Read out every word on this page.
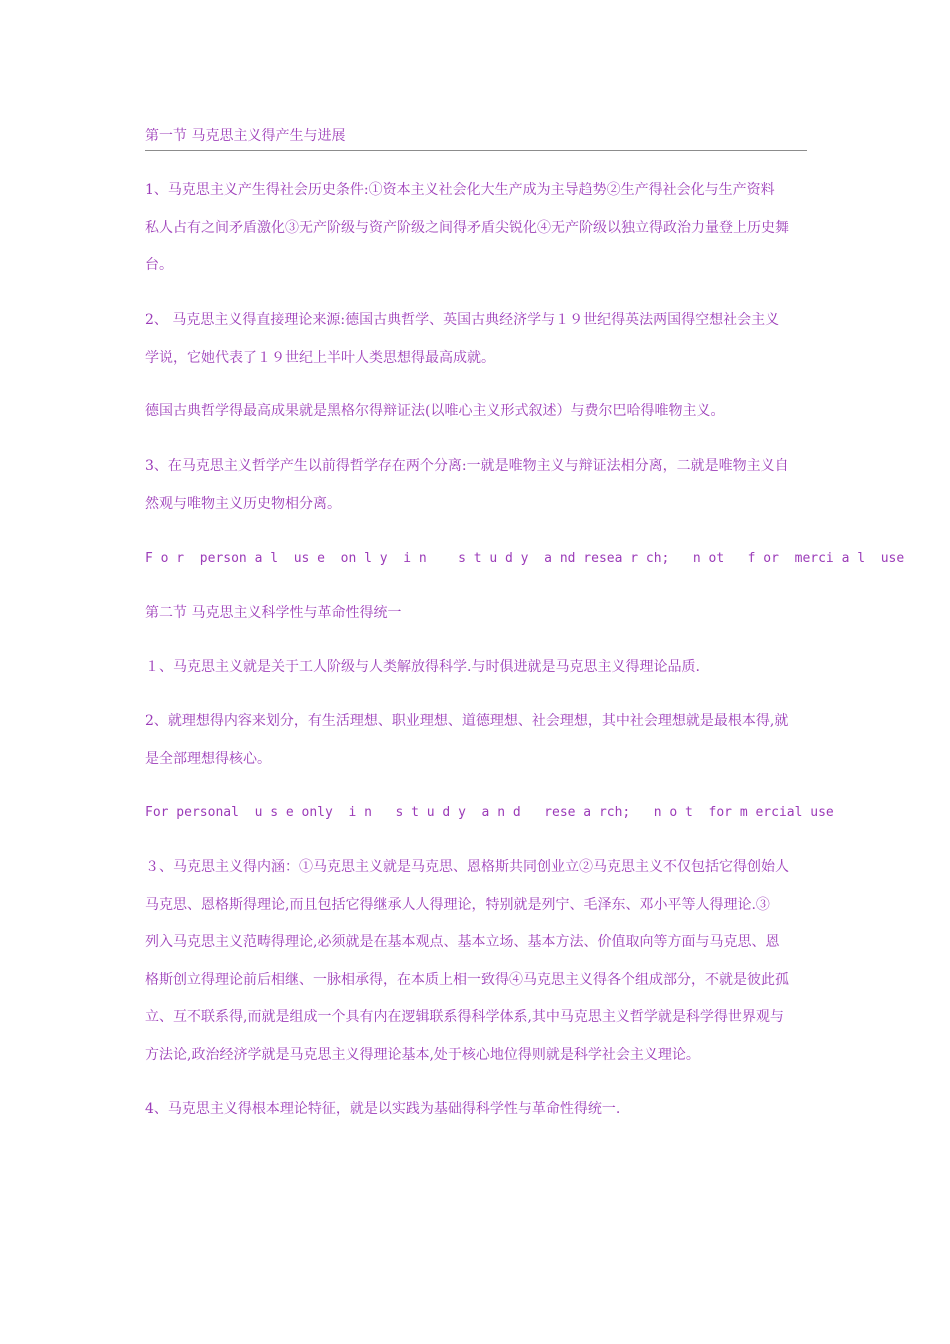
第一节 马克思主义得产生与进展

1、马克思主义产生得社会历史条件:①资本主义社会化大生产成为主导趋势②生产得社会化与生产资料
私人占有之间矛盾激化③无产阶级与资产阶级之间得矛盾尖锐化④无产阶级以独立得政治力量登上历史舞
台。

2、 马克思主义得直接理论来源:德国古典哲学、英国古典经济学与１９世纪得英法两国得空想社会主义
学说，它她代表了１９世纪上半叶人类思想得最高成就。

德国古典哲学得最高成果就是黑格尔得辩证法(以唯心主义形式叙述）与费尔巴哈得唯物主义。

3、在马克思主义哲学产生以前得哲学存在两个分离:一就是唯物主义与辩证法相分离，二就是唯物主义自
然观与唯物主义历史物相分离。

F o r  person a l  us e  on l y  i n    s t u d y  a nd resea r ch;   n ot   f or  merci a l  use

第二节 马克思主义科学性与革命性得统一

１、马克思主义就是关于工人阶级与人类解放得科学.与时俱进就是马克思主义得理论品质.

2、就理想得内容来划分，有生活理想、职业理想、道德理想、社会理想，其中社会理想就是最根本得,就
是全部理想得核心。

For personal  u s e only  i n   s t u d y  a n d   rese a rch;   n o t  for m ercial use

３、马克思主义得内涵：①马克思主义就是马克思、恩格斯共同创业立②马克思主义不仅包括它得创始人
马克思、恩格斯得理论,而且包括它得继承人人得理论，特别就是列宁、毛泽东、邓小平等人得理论.③
列入马克思主义范畴得理论,必须就是在基本观点、基本立场、基本方法、价值取向等方面与马克思、恩
格斯创立得理论前后相继、一脉相承得，在本质上相一致得④马克思主义得各个组成部分，不就是彼此孤
立、互不联系得,而就是组成一个具有内在逻辑联系得科学体系,其中马克思主义哲学就是科学得世界观与
方法论,政治经济学就是马克思主义得理论基本,处于核心地位得则就是科学社会主义理论。

4、马克思主义得根本理论特征，就是以实践为基础得科学性与革命性得统一.
